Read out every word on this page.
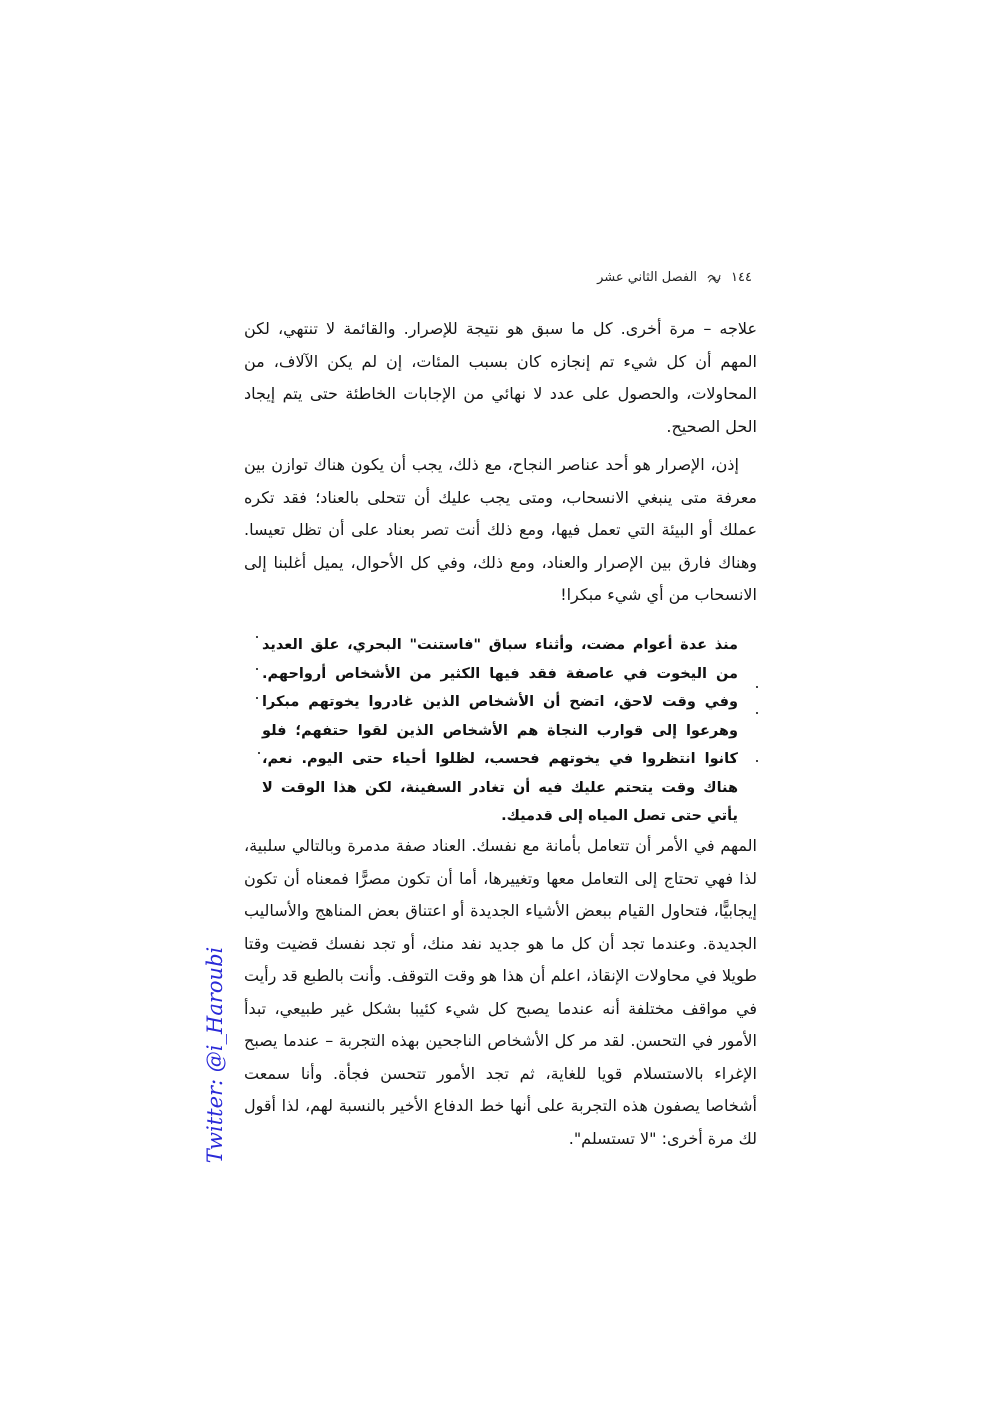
١٤٤
الفصل الثاني عشر

علاجه – مرة أخرى. كل ما سبق هو نتيجة للإصرار. والقائمة لا تنتهي، لكن المهم أن كل شيء تم إنجازه كان بسبب المئات، إن لم يكن الآلاف، من المحاولات، والحصول على عدد لا نهائي من الإجابات الخاطئة حتى يتم إيجاد الحل الصحيح.

إذن، الإصرار هو أحد عناصر النجاح، مع ذلك، يجب أن يكون هناك توازن بين معرفة متى ينبغي الانسحاب، ومتى يجب عليك أن تتحلى بالعناد؛ فقد تكره عملك أو البيئة التي تعمل فيها، ومع ذلك أنت تصر بعناد على أن تظل تعيسا. وهناك فارق بين الإصرار والعناد، ومع ذلك، وفي كل الأحوال، يميل أغلبنا إلى الانسحاب من أي شيء مبكرا!

منذ عدة أعوام مضت، وأثناء سباق "فاستنت" البحري، علق العديد من اليخوت في عاصفة فقد فيها الكثير من الأشخاص أرواحهم. وفي وقت لاحق، اتضح أن الأشخاص الذين غادروا يخوتهم مبكرا وهرعوا إلى قوارب النجاة هم الأشخاص الذين لقوا حتفهم؛ فلو كانوا انتظروا في يخوتهم فحسب، لظلوا أحياء حتى اليوم. نعم، هناك وقت يتحتم عليك فيه أن تغادر السفينة، لكن هذا الوقت لا يأتي حتى تصل المياه إلى قدميك.

المهم في الأمر أن تتعامل بأمانة مع نفسك. العناد صفة مدمرة وبالتالي سلبية، لذا فهي تحتاج إلى التعامل معها وتغييرها، أما أن تكون مصرًّا فمعناه أن تكون إيجابيًّا، فتحاول القيام ببعض الأشياء الجديدة أو اعتناق بعض المناهج والأساليب الجديدة. وعندما تجد أن كل ما هو جديد نفد منك، أو تجد نفسك قضيت وقتا طويلا في محاولات الإنقاذ، اعلم أن هذا هو وقت التوقف. وأنت بالطبع قد رأيت في مواقف مختلفة أنه عندما يصبح كل شيء كئيبا بشكل غير طبيعي، تبدأ الأمور في التحسن. لقد مر كل الأشخاص الناجحين بهذه التجربة – عندما يصبح الإغراء بالاستسلام قويا للغاية، ثم تجد الأمور تتحسن فجأة. وأنا سمعت أشخاصا يصفون هذه التجربة على أنها خط الدفاع الأخير بالنسبة لهم، لذا أقول لك مرة أخرى: "لا تستسلم".

Twitter: @i_Haroubi
